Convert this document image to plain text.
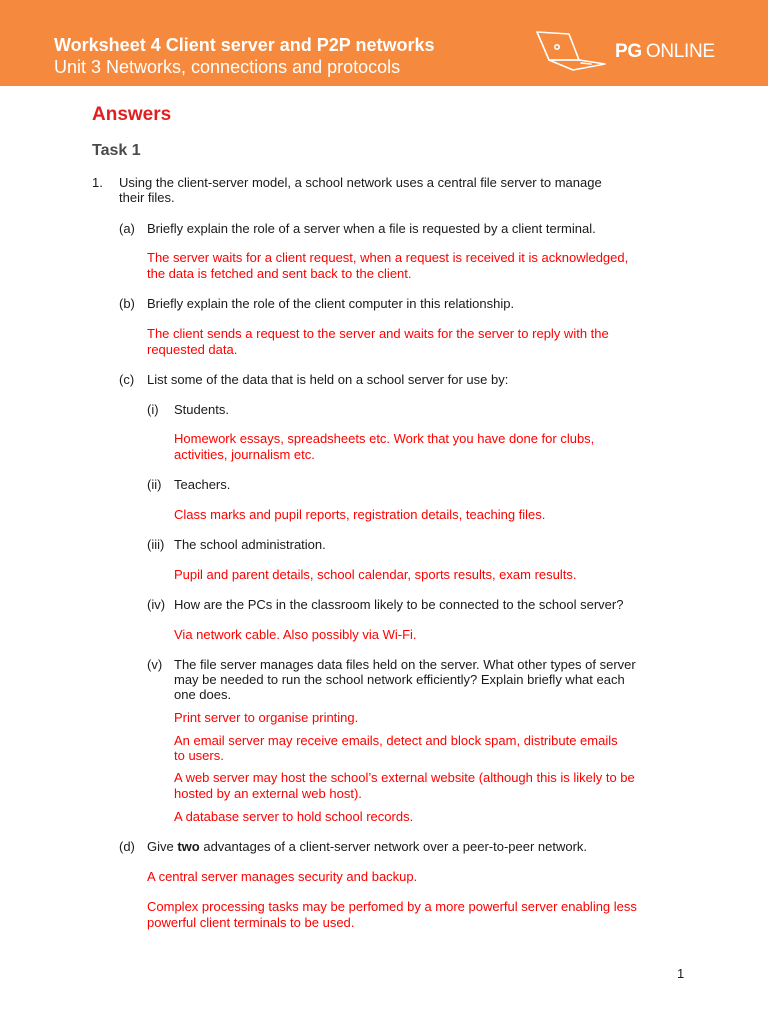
Worksheet 4 Client server and P2P networks
Unit 3 Networks, connections and protocols
PG ONLINE
Answers
Task 1
1. Using the client-server model, a school network uses a central file server to manage
their files.
(a) Briefly explain the role of a server when a file is requested by a client terminal.
The server waits for a client request, when a request is received it is acknowledged,
the data is fetched and sent back to the client.
(b) Briefly explain the role of the client computer in this relationship.
The client sends a request to the server and waits for the server to reply with the
requested data.
(c) List some of the data that is held on a school server for use by:
(i) Students.
Homework essays, spreadsheets etc. Work that you have done for clubs,
activities, journalism etc.
(ii) Teachers.
Class marks and pupil reports, registration details, teaching files.
(iii) The school administration.
Pupil and parent details, school calendar, sports results, exam results.
(iv) How are the PCs in the classroom likely to be connected to the school server?
Via network cable. Also possibly via Wi-Fi.
(v) The file server manages data files held on the server. What other types of server
may be needed to run the school network efficiently? Explain briefly what each
one does.
Print server to organise printing.
An email server may receive emails, detect and block spam, distribute emails
to users.
A web server may host the school’s external website (although this is likely to be
hosted by an external web host).
A database server to hold school records.
(d) Give two advantages of a client-server network over a peer-to-peer network.
A central server manages security and backup.
Complex processing tasks may be perfomed by a more powerful server enabling less
powerful client terminals to be used.
1
